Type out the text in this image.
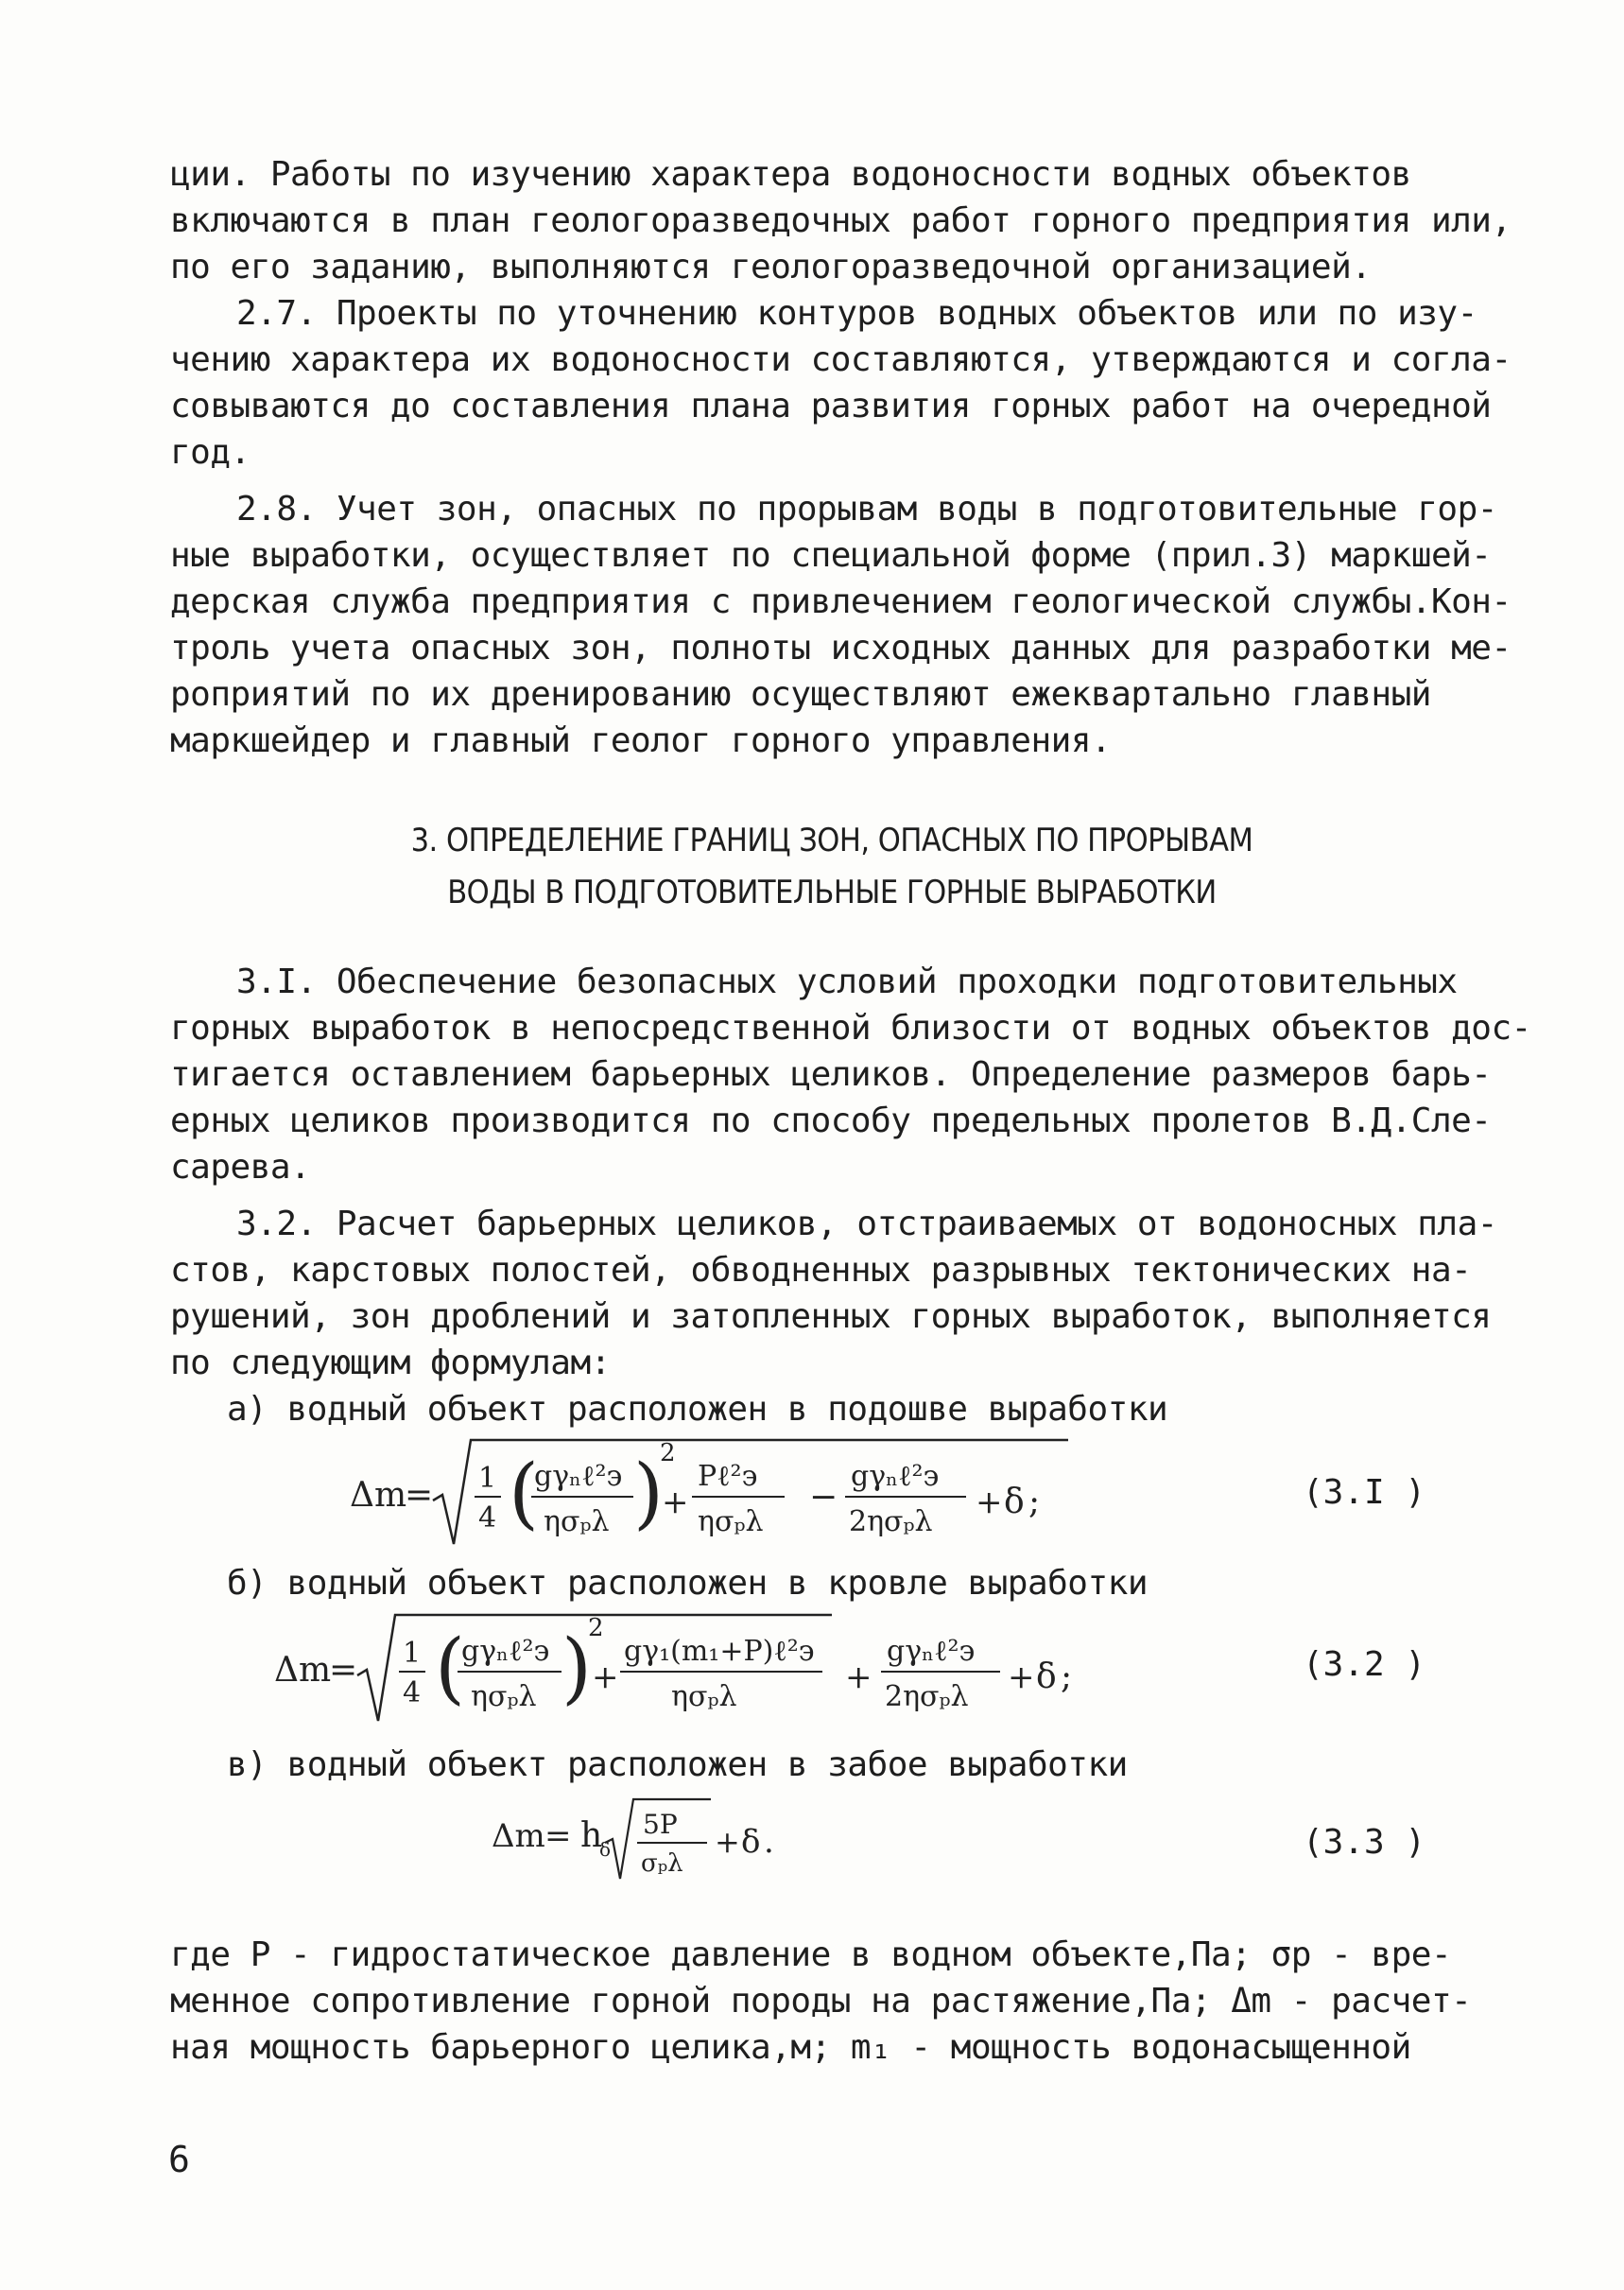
ции. Работы по изучению характера водоносности водных объектов
включаются в план геологоразведочных работ горного предприятия или,
по его заданию, выполняются геологоразведочной организацией.
2.7. Проекты по уточнению контуров водных объектов или по изу-
чению характера их водоносности составляются, утверждаются и согла-
совываются до составления плана развития горных работ на очередной
год.
2.8. Учет зон, опасных по прорывам воды в подготовительные гор-
ные выработки, осуществляет по специальной форме (прил.3) маркшей-
дерская служба предприятия с привлечением геологической службы.Кон-
троль учета опасных зон, полноты исходных данных для разработки ме-
роприятий по их дренированию осуществляют ежеквартально главный
маркшейдер и главный геолог горного управления.
3. ОПРЕДЕЛЕНИЕ ГРАНИЦ ЗОН, ОПАСНЫХ ПО ПРОРЫВАМ
ВОДЫ В ПОДГОТОВИТЕЛЬНЫЕ ГОРНЫЕ ВЫРАБОТКИ
3.I. Обеспечение безопасных условий проходки подготовительных
горных выработок в непосредственной близости от водных объектов дос-
тигается оставлением барьерных целиков. Определение размеров барь-
ерных целиков производится по способу предельных пролетов В.Д.Сле-
сарева.
3.2. Расчет барьерных целиков, отстраиваемых от водоносных пла-
стов, карстовых полостей, обводненных разрывных тектонических на-
рушений, зон дроблений и затопленных горных выработок, выполняется
по следующим формулам:
а) водный объект расположен в подошве выработки
Δm
= 1
4 (
gγₙℓ²э
ησₚλ )
2
+
Pℓ²э
ησₚλ
−
gγₙℓ²э
2ησₚλ
+ δ ;	(3.I )
б) водный объект расположен в кровле выработки
Δm
= 1
4 (
gγₙℓ²э
ησₚλ )
2
+
gγ₁(m₁+P)ℓ²э
ησₚλ
+
gγₙℓ²э
2ησₚλ
+ δ ;	(3.2 )
в) водный объект расположен в забое выработки
Δm = h
δ
5P
σₚλ
+ δ .	(3.3 )
где P - гидростатическое давление в водном объекте,Па; σр - вре-
менное сопротивление горной породы на растяжение,Па; Δm - расчет-
ная мощность барьерного целика,м; m₁ - мощность водонасыщенной
6
